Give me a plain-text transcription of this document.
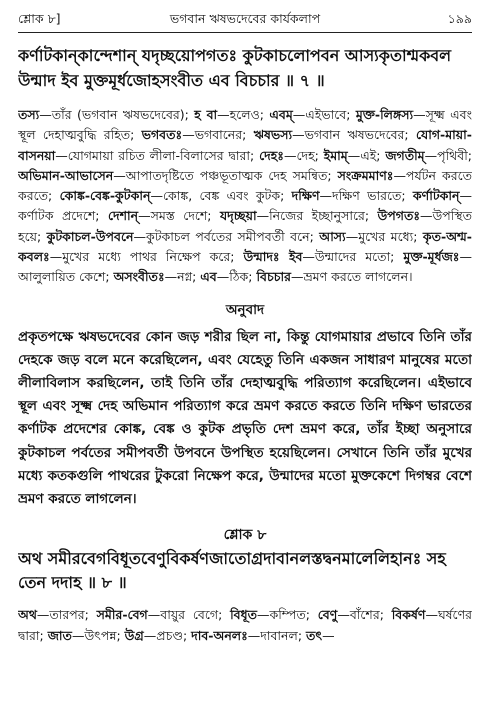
শ্লোক ৮]	ভগবান ঋষভদেবের কার্যকলাপ	১৯৯
কর্ণাটকান্‌কান্দেশান্‌ যদৃচ্ছয়োপগতঃ কুটকাচলোপবন আস্যকৃতাশ্মকবল
উন্মাদ ইব মুক্তমূর্ধজোহসংবীত এব বিচচার ॥ ৭ ॥
তস্য—তাঁর (ভগবান ঋষভদেবের); হ বা—হলেও; এবম্‌—এইভাবে; মুক্ত-লিঙ্গস্য—সূক্ষ্ম এবং স্থূল দেহাত্মবুদ্ধি রহিত; ভগবতঃ—ভগবানের; ঋষভস্য—ভগবান ঋষভদেবের; যোগ-মায়া-বাসনয়া—যোগমায়া রচিত লীলা-বিলাসের দ্বারা; দেহঃ—দেহ; ইমাম্‌—এই; জগতীম্‌—পৃথিবী; অভিমান-আভাসেন—আপাতদৃষ্টিতে পঞ্চভূতাত্মক দেহ সমন্বিত; সংক্রমমাণঃ—পর্যটন করতে করতে; কোঙ্ক-বেঙ্ক-কুটকান্‌—কোঙ্ক, বেঙ্ক এবং কুটক; দক্ষিণ—দক্ষিণ ভারতে; কর্ণাটকান্‌—কর্ণাটক প্রদেশে; দেশান্‌—সমস্ত দেশে; যদৃচ্ছয়া—নিজের ইচ্ছানুসারে; উপগতঃ—উপস্থিত হয়ে; কুটকাচল-উপবনে—কুটকাচল পর্বতের সমীপবর্তী বনে; আস্য—মুখের মধ্যে; কৃত-অশ্ম-কবলঃ—মুখের মধ্যে পাথর নিক্ষেপ করে; উন্মাদঃ ইব—উন্মাদের মতো; মুক্ত-মূর্ধজঃ—আলুলায়িত কেশে; অসংবীতঃ—নগ্ন; এব—ঠিক; বিচচার—ভ্রমণ করতে লাগলেন।
অনুবাদ
প্রকৃতপক্ষে ঋষভদেবের কোন জড় শরীর ছিল না, কিন্তু যোগমায়ার প্রভাবে তিনি তাঁর দেহকে জড় বলে মনে করেছিলেন, এবং যেহেতু তিনি একজন সাধারণ মানুষের মতো লীলাবিলাস করছিলেন, তাই তিনি তাঁর দেহাত্মবুদ্ধি পরিত্যাগ করেছিলেন। এইভাবে স্থূল এবং সূক্ষ্ম দেহ অভিমান পরিত্যাগ করে ভ্রমণ করতে করতে তিনি দক্ষিণ ভারতের কর্ণাটক প্রদেশের কোঙ্ক, বেঙ্ক ও কুটক প্রভৃতি দেশ ভ্রমণ করে, তাঁর ইচ্ছা অনুসারে কুটকাচল পর্বতের সমীপবর্তী উপবনে উপস্থিত হয়েছিলেন। সেখানে তিনি তাঁর মুখের মধ্যে কতকগুলি পাথরের টুকরো নিক্ষেপ করে, উন্মাদের মতো মুক্তকেশে দিগম্বর বেশে ভ্রমণ করতে লাগলেন।
শ্লোক ৮
অথ সমীরবেগবিধূতবেণুবিকর্ষণজাতোগ্রদাবানলস্তদ্বনমালেলিহানঃ সহ
তেন দদাহ ॥ ৮ ॥
অথ—তারপর; সমীর-বেগ—বায়ুর বেগে; বিধূত—কম্পিত; বেণু—বাঁশের; বিকর্ষণ—ঘর্ষণের দ্বারা; জাত—উৎপন্ন; উগ্র—প্রচণ্ড; দাব-অনলঃ—দাবানল; তৎ—
